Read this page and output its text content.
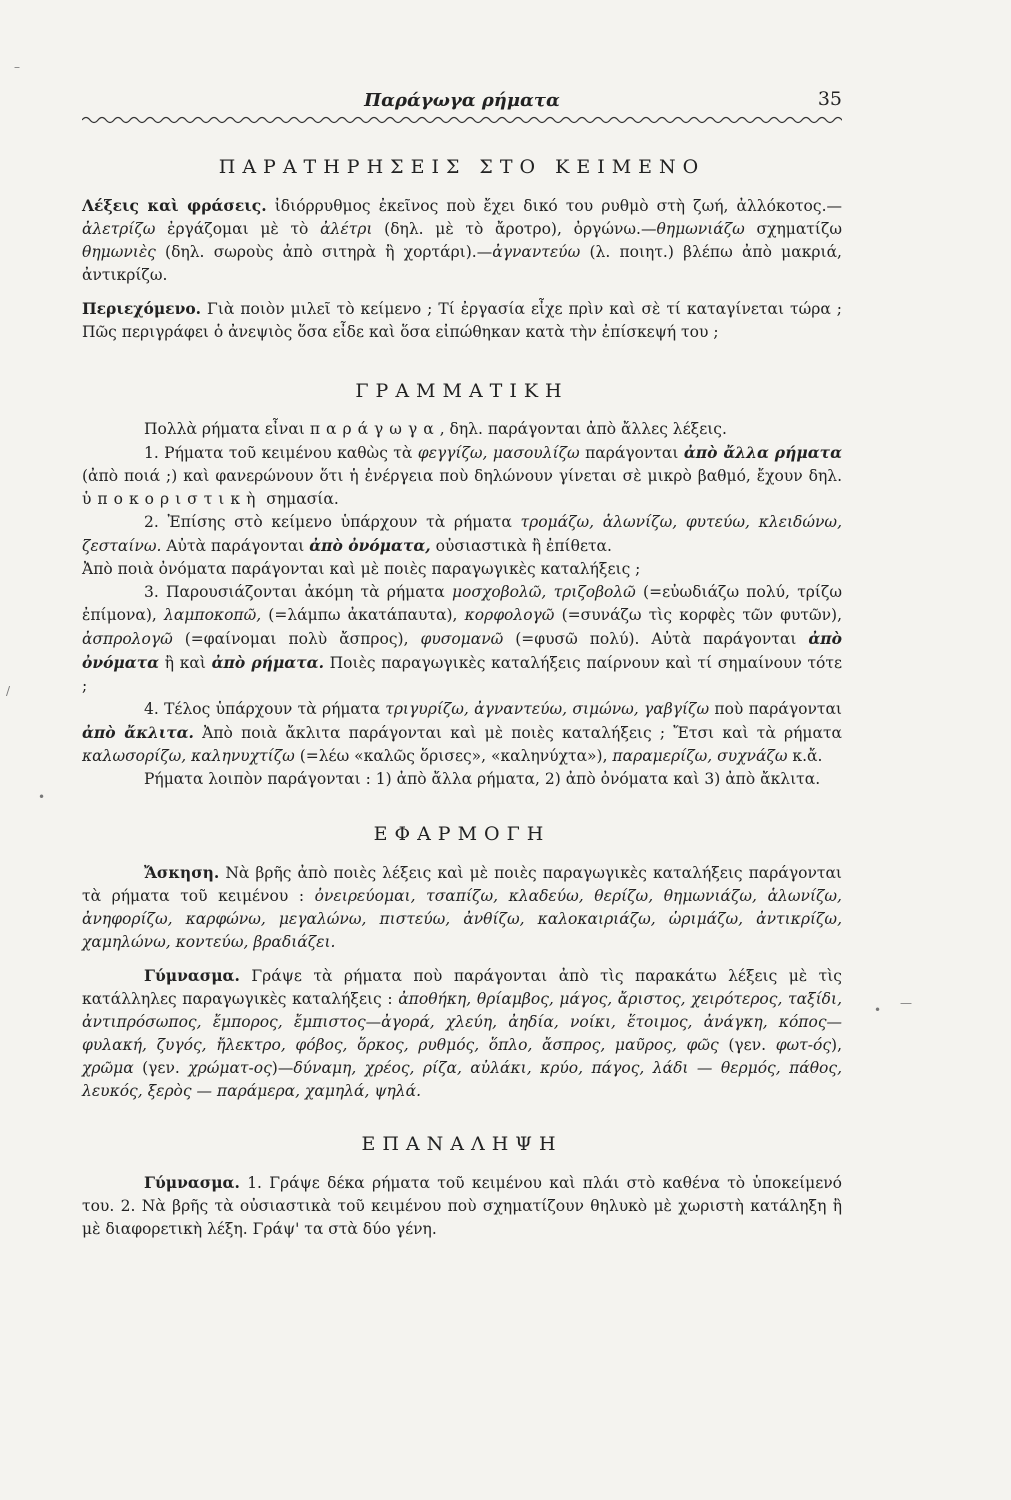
–
/
•
• —
Παράγωγα ρήματα	35
ΠΑΡΑΤΗΡΗΣΕΙΣ ΣΤΟ ΚΕΙΜΕΝΟ

Λέξεις καὶ φράσεις. ἰδιόρρυθμος ἐκεῖνος ποὺ ἔχει δικό του ρυθμὸ στὴ ζωή, ἀλλόκοτος.—ἀλετρίζω ἐργάζομαι μὲ τὸ ἀλέτρι (δηλ. μὲ τὸ ἄροτρο), ὀργώνω.—θημωνιάζω σχηματίζω θημωνιὲς (δηλ. σωροὺς ἀπὸ σιτηρὰ ἢ χορτάρι).—ἀγναντεύω (λ. ποιητ.) βλέπω ἀπὸ μακριά, ἀντικρίζω.

Περιεχόμενο. Γιὰ ποιὸν μιλεῖ τὸ κείμενο ; Τί ἐργασία εἶχε πρὶν καὶ σὲ τί καταγίνεται τώρα ; Πῶς περιγράφει ὁ ἀνεψιὸς ὅσα εἶδε καὶ ὅσα εἰπώθηκαν κατὰ τὴν ἐπίσκεψή του ;

ΓΡΑΜΜΑΤΙΚΗ

Πολλὰ ρήματα εἶναι παράγωγα, δηλ. παράγονται ἀπὸ ἄλλες λέξεις.

1. Ρήματα τοῦ κειμένου καθὼς τὰ φεγγίζω, μασουλίζω παράγονται ἀπὸ ἄλλα ρήματα (ἀπὸ ποιά ;) καὶ φανερώνουν ὅτι ἡ ἐνέργεια ποὺ δηλώνουν γίνεται σὲ μικρὸ βαθμό, ἔχουν δηλ. ὑποκοριστικὴ σημασία.

2. Ἐπίσης στὸ κείμενο ὑπάρχουν τὰ ρήματα τρομάζω, ἁλωνίζω, φυτεύω, κλειδώνω, ζεσταίνω. Αὐτὰ παράγονται ἀπὸ ὀνόματα, οὐσιαστικὰ ἢ ἐπίθετα.

Ἀπὸ ποιὰ ὀνόματα παράγονται καὶ μὲ ποιὲς παραγωγικὲς καταλήξεις ;

3. Παρουσιάζονται ἀκόμη τὰ ρήματα μοσχοβολῶ, τριζοβολῶ (=εὐωδιάζω πολύ, τρίζω ἐπίμονα), λαμποκοπῶ, (=λάμπω ἀκατάπαυτα), κορφολογῶ (=συνάζω τὶς κορφὲς τῶν φυτῶν), ἀσπρολογῶ (=φαίνομαι πολὺ ἄσπρος), φυσομανῶ (=φυσῶ πολύ). Αὐτὰ παράγονται ἀπὸ ὀνόματα ἢ καὶ ἀπὸ ρήματα. Ποιὲς παραγωγικὲς καταλήξεις παίρνουν καὶ τί σημαίνουν τότε ;

4. Τέλος ὑπάρχουν τὰ ρήματα τριγυρίζω, ἀγναντεύω, σιμώνω, γαβγίζω ποὺ παράγονται ἀπὸ ἄκλιτα. Ἀπὸ ποιὰ ἄκλιτα παράγονται καὶ μὲ ποιὲς καταλήξεις ; Ἔτσι καὶ τὰ ρήματα καλωσορίζω, καληνυχτίζω (=λέω «καλῶς ὅρισες», «καληνύχτα»), παραμερίζω, συχνάζω κ.ἄ.

Ρήματα λοιπὸν παράγονται : 1) ἀπὸ ἄλλα ρήματα, 2) ἀπὸ ὀνόματα καὶ 3) ἀπὸ ἄκλιτα.

ΕΦΑΡΜΟΓΗ

Ἄσκηση. Νὰ βρῆς ἀπὸ ποιὲς λέξεις καὶ μὲ ποιὲς παραγωγικὲς καταλήξεις παράγονται τὰ ρήματα τοῦ κειμένου : ὀνειρεύομαι, τσαπίζω, κλαδεύω, θερίζω, θημωνιάζω, ἁλωνίζω, ἀνηφορίζω, καρφώνω, μεγαλώνω, πιστεύω, ἀνθίζω, καλοκαιριάζω, ὡριμάζω, ἀντικρίζω, χαμηλώνω, κοντεύω, βραδιάζει.

Γύμνασμα. Γράψε τὰ ρήματα ποὺ παράγονται ἀπὸ τὶς παρακάτω λέξεις μὲ τὶς κατάλληλες παραγωγικὲς καταλήξεις : ἀποθήκη, θρίαμβος, μάγος, ἄριστος, χειρότερος, ταξίδι, ἀντιπρόσωπος, ἔμπορος, ἔμπιστος—ἀγορά, χλεύη, ἀηδία, νοίκι, ἕτοιμος, ἀνάγκη, κόπος—φυλακή, ζυγός, ἤλεκτρο, φόβος, ὅρκος, ρυθμός, ὅπλο, ἄσπρος, μαῦρος, φῶς (γεν. φωτ-ός), χρῶμα (γεν. χρώματ-ος)—δύναμη, χρέος, ρίζα, αὐλάκι, κρύο, πάγος, λάδι — θερμός, πάθος, λευκός, ξερὸς — παράμερα, χαμηλά, ψηλά.

ΕΠΑΝΑΛΗΨΗ

Γύμνασμα. 1. Γράψε δέκα ρήματα τοῦ κειμένου καὶ πλάι στὸ καθένα τὸ ὑποκείμενό του. 2. Νὰ βρῆς τὰ οὐσιαστικὰ τοῦ κειμένου ποὺ σχηματίζουν θηλυκὸ μὲ χωριστὴ κατάληξη ἢ μὲ διαφορετικὴ λέξη. Γράψ' τα στὰ δύο γένη.
